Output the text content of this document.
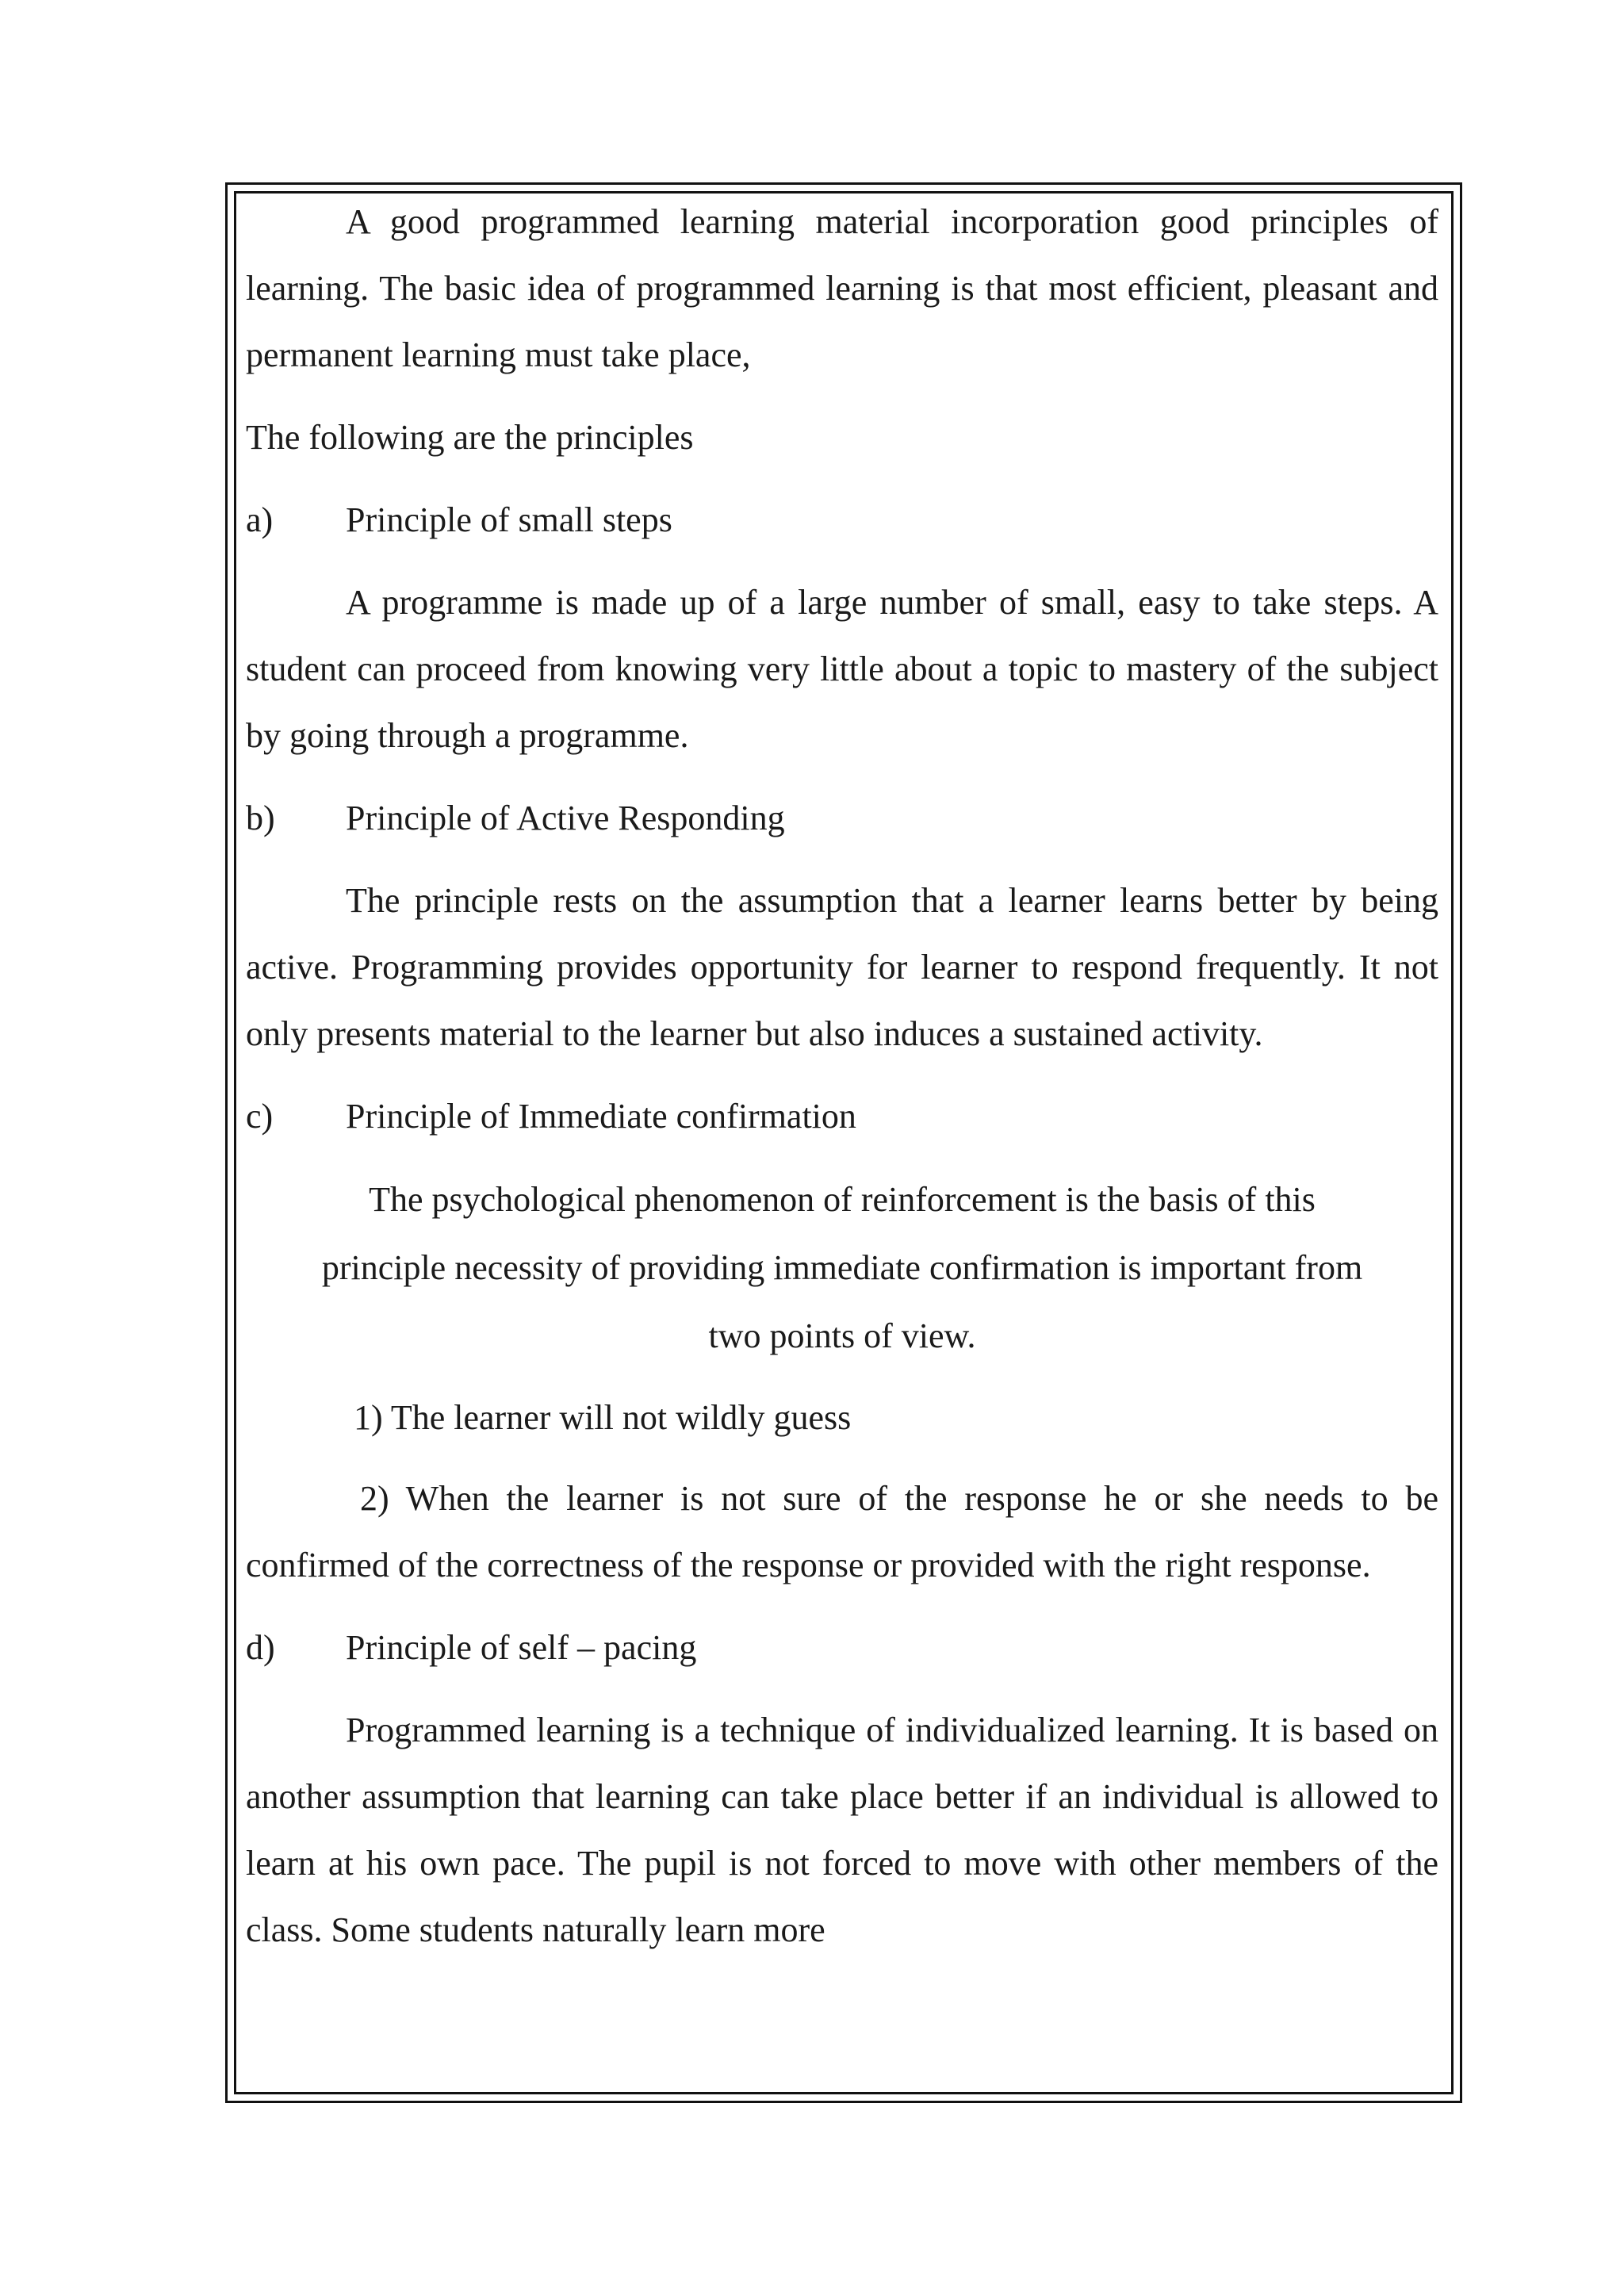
A good programmed learning material incorporation good principles of learning. The basic idea of programmed learning is that most efficient, pleasant and permanent learning must take place,

The following are the principles

a)	Principle of small steps

A programme is made up of a large number of small, easy to take steps. A student can proceed from knowing very little about a topic to mastery of the subject by going through a programme.

b)	Principle of Active Responding

The principle rests on the assumption that a learner learns better by being active. Programming provides opportunity for learner to respond frequently. It not only presents material to the learner but also induces a sustained activity.

c)	Principle of Immediate confirmation
The psychological phenomenon of reinforcement is the basis of this
principle necessity of providing immediate confirmation is important from
two points of view.

1) The learner will not wildly guess

2) When the learner is not sure of the response he or she needs to be confirmed of the correctness of the response or provided with the right response.

d)	Principle of self – pacing

Programmed learning is a technique of individualized learning. It is based on another assumption that learning can take place better if an individual is allowed to learn at his own pace. The pupil is not forced to move with other members of the class. Some students naturally learn more
